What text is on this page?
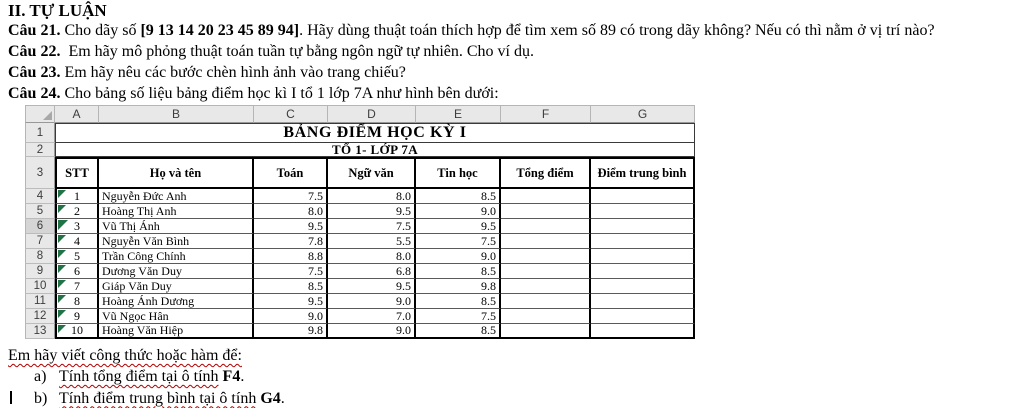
II. TỰ LUẬN
Câu 21. Cho dãy số [9 13 14 20 23 45 89 94]. Hãy dùng thuật toán thích hợp để tìm xem số 89 có trong dãy không? Nếu có thì nằm ở vị trí nào?
Câu 22.  Em hãy mô phỏng thuật toán tuần tự bằng ngôn ngữ tự nhiên. Cho ví dụ.
Câu 23. Em hãy nêu các bước chèn hình ảnh vào trang chiếu?
Câu 24. Cho bảng số liệu bảng điểm học kì I tổ 1 lớp 7A như hình bên dưới:
A	B	C	D	E	F	G
1	BẢNG ĐIỂM HỌC KỲ I
2	TỔ 1- LỚP 7A
3	STT	Họ và tên	Toán	Ngữ văn	Tin học	Tổng điểm	Điểm trung bình
4	1 Nguyễn Đức Anh	7.5	8.0	8.5
5	2 Hoàng Thị Anh	8.0	9.5	9.0
6	3 Vũ Thị Ánh	9.5	7.5	9.5
7	4 Nguyễn Văn Bình	7.8	5.5	7.5
8	5 Trần Công Chính	8.8	8.0	9.0
9	6 Dương Văn Duy	7.5	6.8	8.5
10	7 Giáp Văn Duy	8.5	9.5	9.8
11	8 Hoàng Ánh Dương	9.5	9.0	8.5
12	9 Vũ Ngọc Hân	9.0	7.0	7.5
13	10 Hoàng Văn Hiệp	9.8	9.0	8.5
Em hãy viết công thức hoặc hàm để:
a) Tính tổng điểm tại ô tính F4.
b) Tính điểm trung bình tại ô tính G4.
